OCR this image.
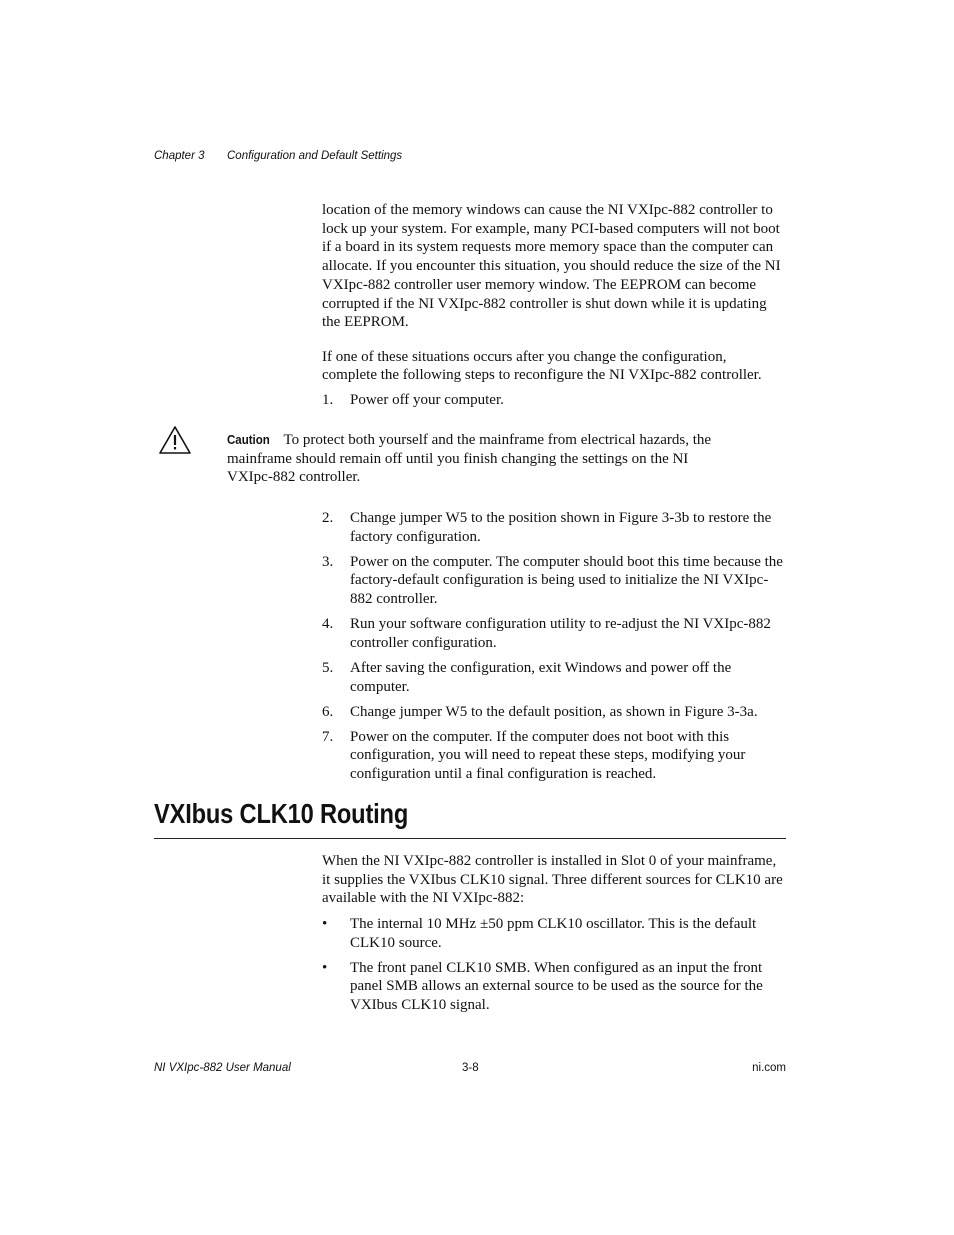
Chapter 3 Configuration and Default Settings

location of the memory windows can cause the NI VXIpc-882 controller to lock up your system. For example, many PCI-based computers will not boot if a board in its system requests more memory space than the computer can allocate. If you encounter this situation, you should reduce the size of the NI VXIpc-882 controller user memory window. The EEPROM can become corrupted if the NI VXIpc-882 controller is shut down while it is updating the EEPROM.

If one of these situations occurs after you change the configuration, complete the following steps to reconfigure the NI VXIpc-882 controller.

1. Power off your computer.
Caution To protect both yourself and the mainframe from electrical hazards, the mainframe should remain off until you finish changing the settings on the NI VXIpc-882 controller.
2. Change jumper W5 to the position shown in Figure 3-3b to restore the factory configuration.
3. Power on the computer. The computer should boot this time because the factory-default configuration is being used to initialize the NI VXIpc-882 controller.
4. Run your software configuration utility to re-adjust the NI VXIpc-882 controller configuration.
5. After saving the configuration, exit Windows and power off the computer.
6. Change jumper W5 to the default position, as shown in Figure 3-3a.
7. Power on the computer. If the computer does not boot with this configuration, you will need to repeat these steps, modifying your configuration until a final configuration is reached.
VXIbus CLK10 Routing

When the NI VXIpc-882 controller is installed in Slot 0 of your mainframe, it supplies the VXIbus CLK10 signal. Three different sources for CLK10 are available with the NI VXIpc-882:

• The internal 10 MHz ±50 ppm CLK10 oscillator. This is the default CLK10 source.
• The front panel CLK10 SMB. When configured as an input the front panel SMB allows an external source to be used as the source for the VXIbus CLK10 signal.
NI VXIpc-882 User Manual	3-8	ni.com
